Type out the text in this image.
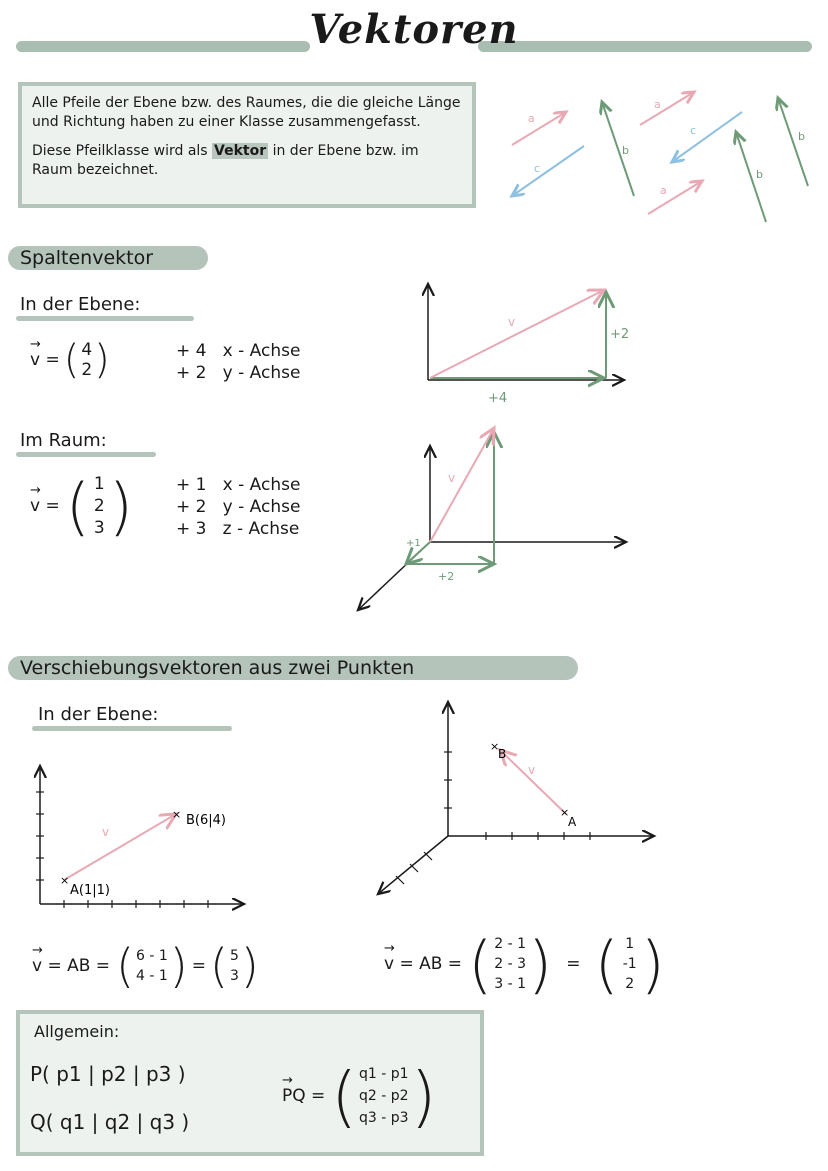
Vektoren

Alle Pfeile der Ebene bzw. des Raumes, die die gleiche Länge und Richtung haben zu einer Klasse zusammengefasst.

Diese Pfeilklasse wird als Vektor in der Ebene bzw. im Raum bezeichnet.

a
a
a
c
c
b
b
b
Spaltenvektor
In der Ebene:
→ v = ( 4
2 )	+ 4   x - Achse
+ 2   y - Achse
v
+4
+2
Im Raum:
→ v = ( 1
2
3 )	+ 1   x - Achse
+ 2   y - Achse
+ 3   z - Achse
v
+1
+2
Verschiebungsvektoren aus zwei Punkten
In der Ebene:
×
×
A(1|1)
B(6|4)
v
×
×
B
A
v
→ v = AB = ( 6 - 1
4 - 1 ) = ( 5
3 )
→	v = AB = ( 2 - 1
2 - 3
3 - 1 ) = ( 1
-1
2 )
Allgemein:
P( p1 | p2 | p3 )
Q( q1 | q2 | q3 )
→ PQ = ( q1 - p1
q2 - p2
q3 - p3 )
